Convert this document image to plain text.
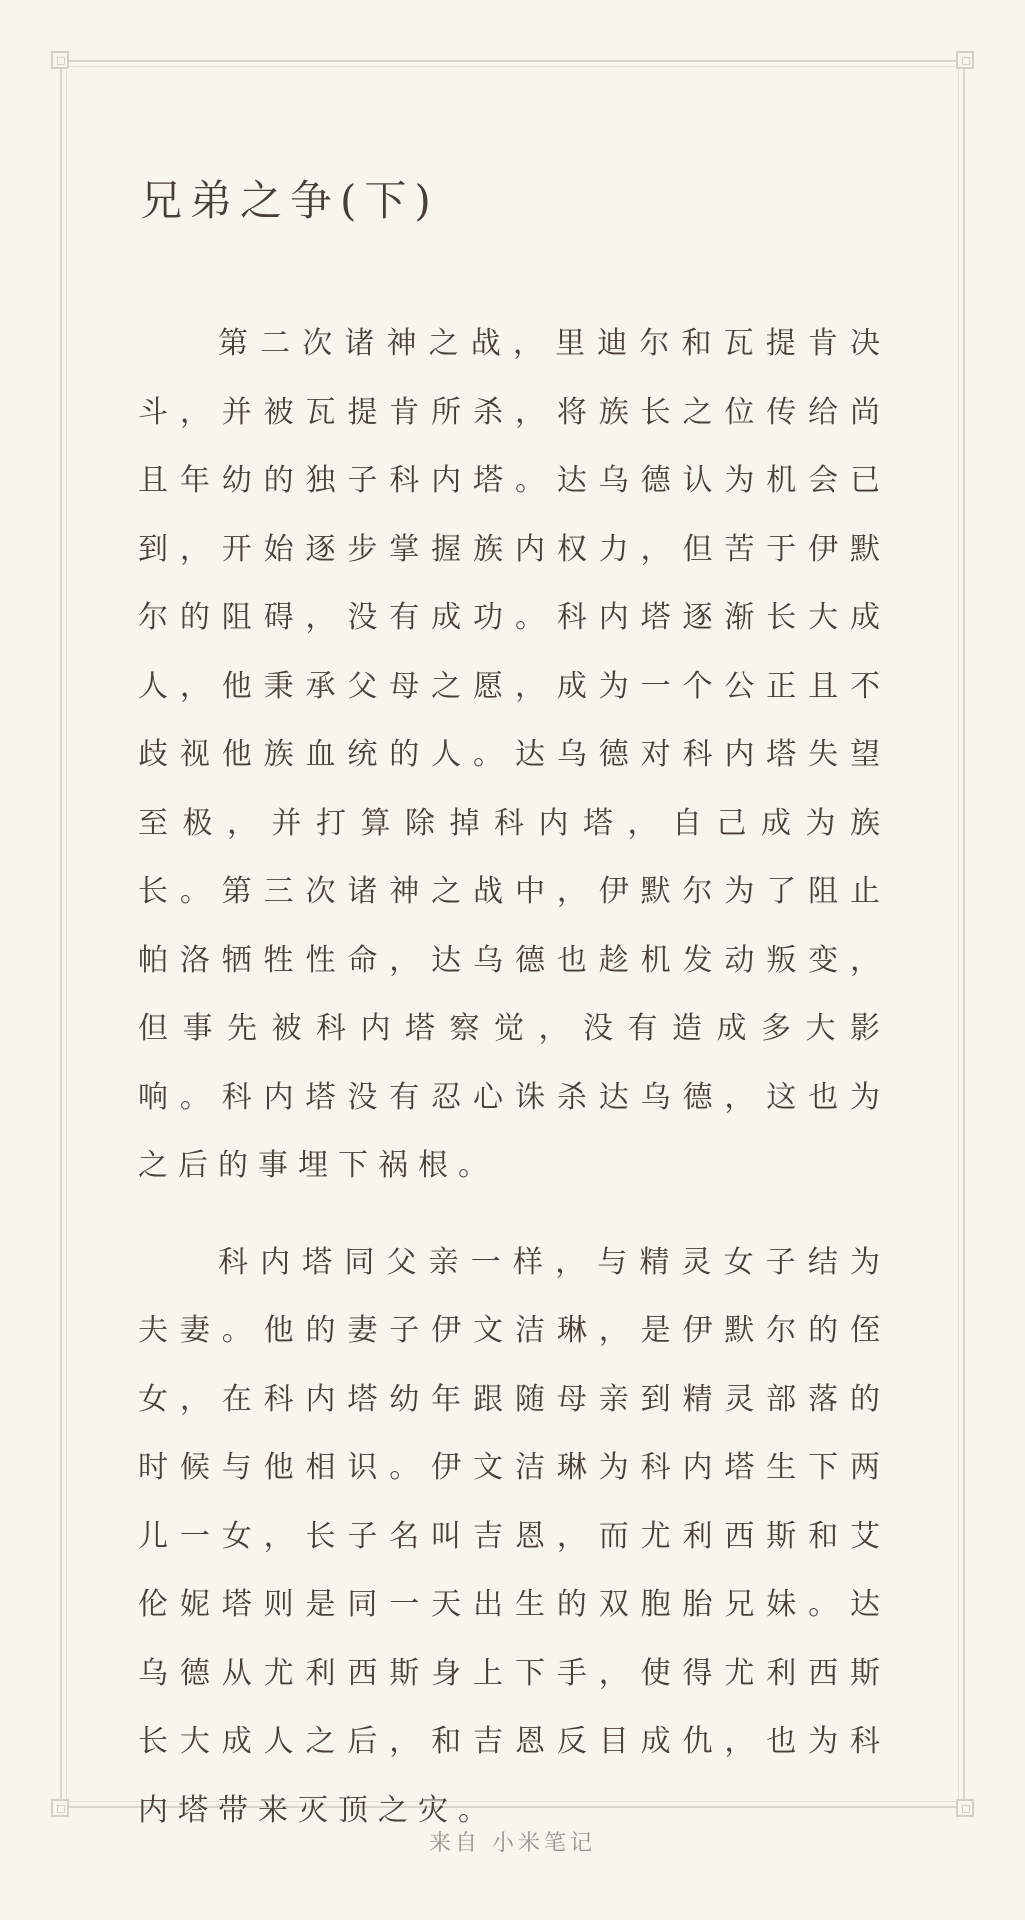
兄弟之争(下)

第二次诸神之战，里迪尔和瓦提肯决斗，并被瓦提肯所杀，将族长之位传给尚且年幼的独子科内塔。达乌德认为机会已到，开始逐步掌握族内权力，但苦于伊默尔的阻碍，没有成功。科内塔逐渐长大成人，他秉承父母之愿，成为一个公正且不歧视他族血统的人。达乌德对科内塔失望至极，并打算除掉科内塔，自己成为族长。第三次诸神之战中，伊默尔为了阻止帕洛牺牲性命，达乌德也趁机发动叛变，但事先被科内塔察觉，没有造成多大影响。科内塔没有忍心诛杀达乌德，这也为之后的事埋下祸根。

科内塔同父亲一样，与精灵女子结为夫妻。他的妻子伊文洁琳，是伊默尔的侄女，在科内塔幼年跟随母亲到精灵部落的时候与他相识。伊文洁琳为科内塔生下两儿一女，长子名叫吉恩，而尤利西斯和艾伦妮塔则是同一天出生的双胞胎兄妹。达乌德从尤利西斯身上下手，使得尤利西斯长大成人之后，和吉恩反目成仇，也为科内塔带来灭顶之灾。

来自 小米笔记
